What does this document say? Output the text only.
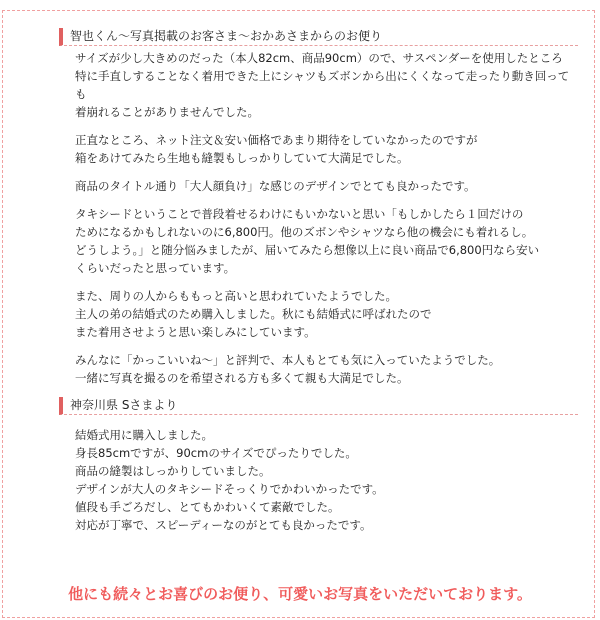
智也くん〜写真掲載のお客さま〜おかあさまからのお便り

サイズが少し大きめのだった（本人82cm、商品90cm）ので、サスペンダーを使用したところ
特に手直しすることなく着用できた上にシャツもズボンから出にくくなって走ったり動き回っても
着崩れることがありませんでした。

正直なところ、ネット注文＆安い価格であまり期待をしていなかったのですが
箱をあけてみたら生地も縫製もしっかりしていて大満足でした。

商品のタイトル通り「大人顔負け」な感じのデザインでとても良かったです。

タキシードということで普段着せるわけにもいかないと思い「もしかしたら１回だけの
ためになるかもしれないのに6,800円。他のズボンやシャツなら他の機会にも着れるし。
どうしよう。」と随分悩みましたが、届いてみたら想像以上に良い商品で6,800円なら安い
くらいだったと思っています。

また、周りの人からももっと高いと思われていたようでした。
主人の弟の結婚式のため購入しました。秋にも結婚式に呼ばれたので
また着用させようと思い楽しみにしています。

みんなに「かっこいいね〜」と評判で、本人もとても気に入っていたようでした。
一緒に写真を撮るのを希望される方も多くて親も大満足でした。

神奈川県 Sさまより

結婚式用に購入しました。
身長85cmですが、90cmのサイズでぴったりでした。
商品の縫製はしっかりしていました。
デザインが大人のタキシードそっくりでかわいかったです。
値段も手ごろだし、とてもかわいくて素敵でした。
対応が丁寧で、スピーディーなのがとても良かったです。

他にも続々とお喜びのお便り、可愛いお写真をいただいております。
